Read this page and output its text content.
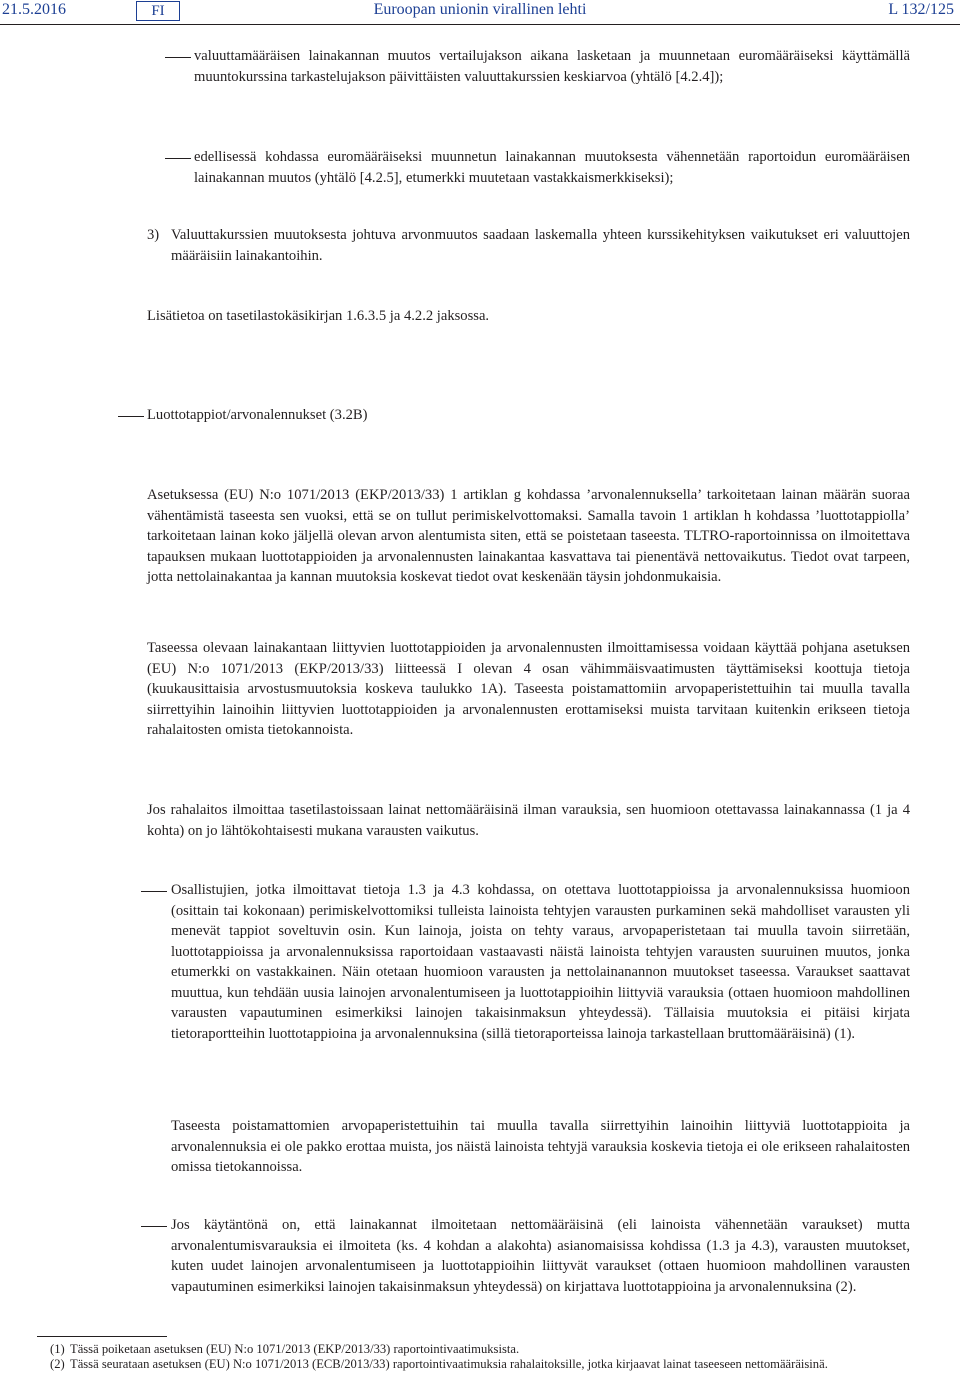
21.5.2016	FI	Euroopan unionin virallinen lehti	L 132/125

valuuttamääräisen lainakannan muutos vertailujakson aikana lasketaan ja muunnetaan euromääräiseksi käyttämällä muuntokurssina tarkastelujakson päivittäisten valuuttakurssien keskiarvoa (yhtälö [4.2.4]);

edellisessä kohdassa euromääräiseksi muunnetun lainakannan muutoksesta vähennetään raportoidun euromääräisen lainakannan muutos (yhtälö [4.2.5], etumerkki muutetaan vastakkaismerkkiseksi);

3) Valuuttakurssien muutoksesta johtuva arvonmuutos saadaan laskemalla yhteen kurssikehityksen vaikutukset eri valuuttojen määräisiin lainakantoihin.

Lisätietoa on tasetilastokäsikirjan 1.6.3.5 ja 4.2.2 jaksossa.

Luottotappiot/arvonalennukset (3.2B)

Asetuksessa (EU) N:o 1071/2013 (EKP/2013/33) 1 artiklan g kohdassa ’arvonalennuksella’ tarkoitetaan lainan määrän suoraa vähentämistä taseesta sen vuoksi, että se on tullut perimiskelvottomaksi. Samalla tavoin 1 artiklan h kohdassa ’luottotappiolla’ tarkoitetaan lainan koko jäljellä olevan arvon alentumista siten, että se poistetaan taseesta. TLTRO-raportoinnissa on ilmoitettava tapauksen mukaan luottotappioiden ja arvonalennusten lainakantaa kasvattava tai pienentävä nettovaikutus. Tiedot ovat tarpeen, jotta nettolainakantaa ja kannan muutoksia koskevat tiedot ovat keskenään täysin johdonmukaisia.

Taseessa olevaan lainakantaan liittyvien luottotappioiden ja arvonalennusten ilmoittamisessa voidaan käyttää pohjana asetuksen (EU) N:o 1071/2013 (EKP/2013/33) liitteessä I olevan 4 osan vähimmäisvaatimusten täyttämiseksi koottuja tietoja (kuukausittaisia arvostusmuutoksia koskeva taulukko 1A). Taseesta poistamattomiin arvopaperistettuihin tai muulla tavalla siirrettyihin lainoihin liittyvien luottotappioiden ja arvonalennusten erottamiseksi muista tarvitaan kuitenkin erikseen tietoja rahalaitosten omista tietokannoista.

Jos rahalaitos ilmoittaa tasetilastoissaan lainat nettomääräisinä ilman varauksia, sen huomioon otettavassa lainakannassa (1 ja 4 kohta) on jo lähtökohtaisesti mukana varausten vaikutus.

Osallistujien, jotka ilmoittavat tietoja 1.3 ja 4.3 kohdassa, on otettava luottotappioissa ja arvonalennuksissa huomioon (osittain tai kokonaan) perimiskelvottomiksi tulleista lainoista tehtyjen varausten purkaminen sekä mahdolliset varausten yli menevät tappiot soveltuvin osin. Kun lainoja, joista on tehty varaus, arvopaperistetaan tai muulla tavoin siirretään, luottotappioissa ja arvonalennuksissa raportoidaan vastaavasti näistä lainoista tehtyjen varausten suuruinen muutos, jonka etumerkki on vastakkainen. Näin otetaan huomioon varausten ja nettolainanannon muutokset taseessa. Varaukset saattavat muuttua, kun tehdään uusia lainojen arvonalentumiseen ja luottotappioihin liittyviä varauksia (ottaen huomioon mahdollinen varausten vapautuminen esimerkiksi lainojen takaisinmaksun yhteydessä). Tällaisia muutoksia ei pitäisi kirjata tietoraportteihin luottotappioina ja arvonalennuksina (sillä tietoraporteissa lainoja tarkastellaan bruttomääräisinä) (1).

Taseesta poistamattomien arvopaperistettuihin tai muulla tavalla siirrettyihin lainoihin liittyviä luottotappioita ja arvonalennuksia ei ole pakko erottaa muista, jos näistä lainoista tehtyjä varauksia koskevia tietoja ei ole erikseen rahalaitosten omissa tietokannoissa.

Jos käytäntönä on, että lainakannat ilmoitetaan nettomääräisinä (eli lainoista vähennetään varaukset) mutta arvonalentumisvarauksia ei ilmoiteta (ks. 4 kohdan a alakohta) asianomaisissa kohdissa (1.3 ja 4.3), varausten muutokset, kuten uudet lainojen arvonalentumiseen ja luottotappioihin liittyvät varaukset (ottaen huomioon mahdollinen varausten vapautuminen esimerkiksi lainojen takaisinmaksun yhteydessä) on kirjattava luottotappioina ja arvonalennuksina (2).

(1) Tässä poiketaan asetuksen (EU) N:o 1071/2013 (EKP/2013/33) raportointivaatimuksista.
(2) Tässä seurataan asetuksen (EU) N:o 1071/2013 (ECB/2013/33) raportointivaatimuksia rahalaitoksille, jotka kirjaavat lainat taseeseen nettomääräisinä.
